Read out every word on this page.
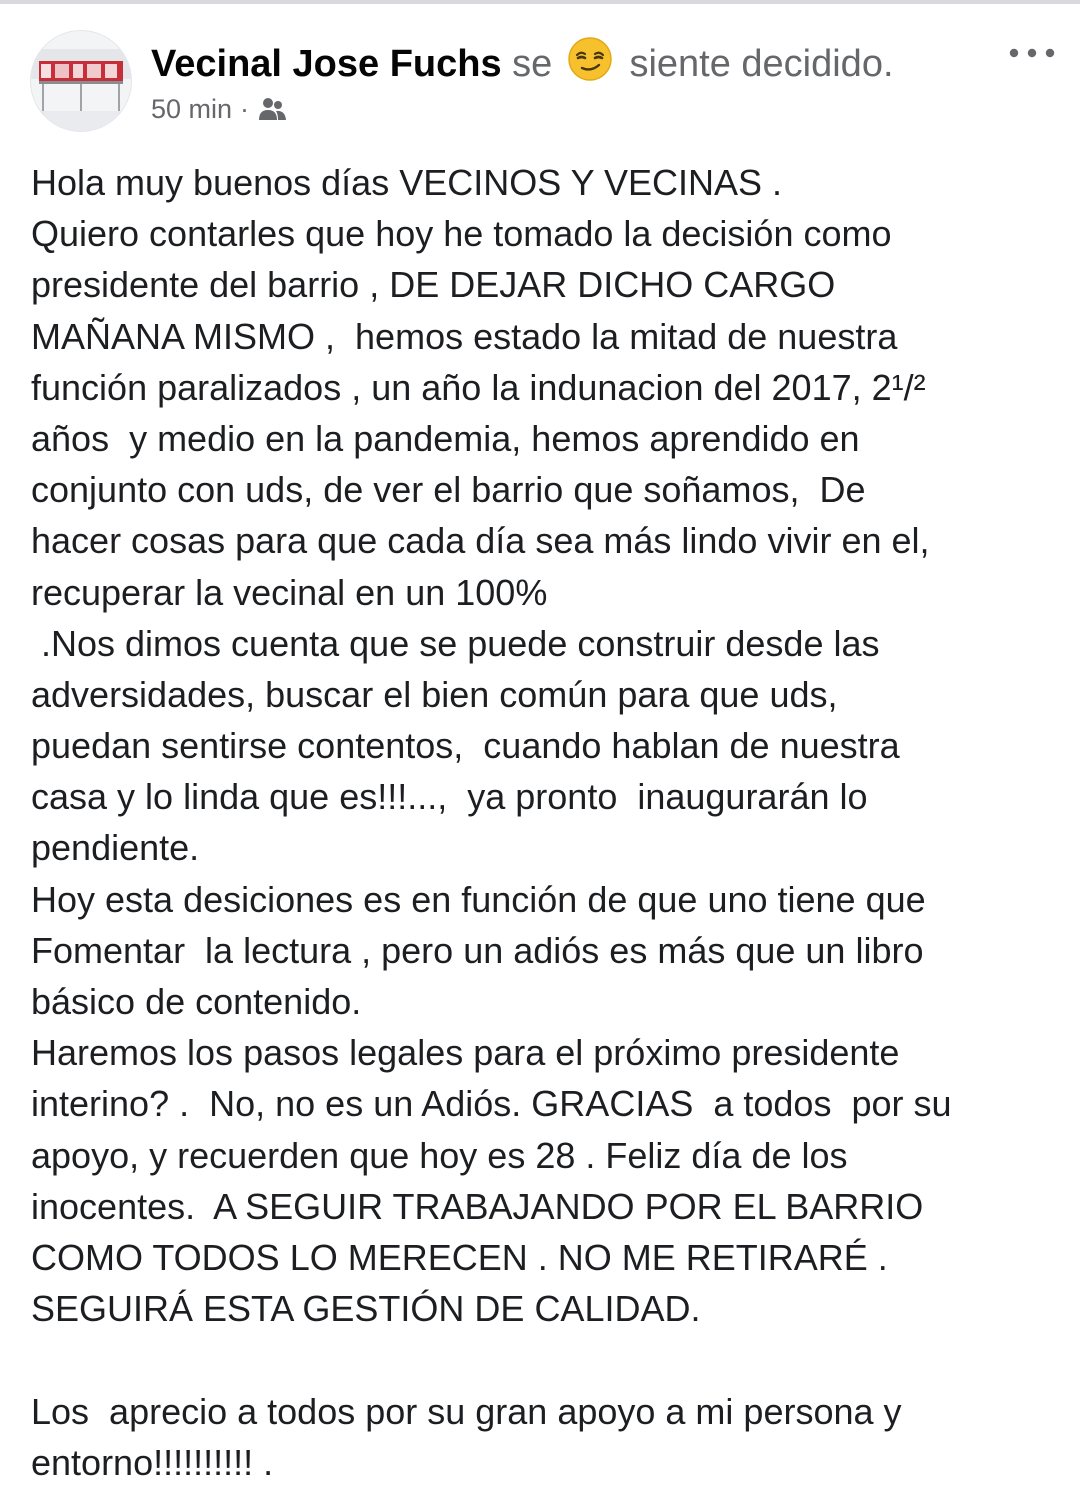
Vecinal Jose Fuchs se siente decidido.
50 min ·
Hola muy buenos días VECINOS Y VECINAS .
Quiero contarles que hoy he tomado la decisión como
presidente del barrio , DE DEJAR DICHO CARGO
MAÑANA MISMO ,  hemos estado la mitad de nuestra
función paralizados , un año la indunacion del 2017, 2¹/²
años  y medio en la pandemia, hemos aprendido en
conjunto con uds, de ver el barrio que soñamos,  De
hacer cosas para que cada día sea más lindo vivir en el,
recuperar la vecinal en un 100%
.Nos dimos cuenta que se puede construir desde las
adversidades, buscar el bien común para que uds,
puedan sentirse contentos,  cuando hablan de nuestra
casa y lo linda que es!!!...,  ya pronto  inaugurarán lo
pendiente.
Hoy esta desiciones es en función de que uno tiene que
Fomentar  la lectura , pero un adiós es más que un libro
básico de contenido.
Haremos los pasos legales para el próximo presidente
interino? .  No, no es un Adiós. GRACIAS  a todos  por su
apoyo, y recuerden que hoy es 28 . Feliz día de los
inocentes.  A SEGUIR TRABAJANDO POR EL BARRIO
COMO TODOS LO MERECEN . NO ME RETIRARÉ .
SEGUIRÁ ESTA GESTIÓN DE CALIDAD.
Los  aprecio a todos por su gran apoyo a mi persona y
entorno!!!!!!!!!! .
